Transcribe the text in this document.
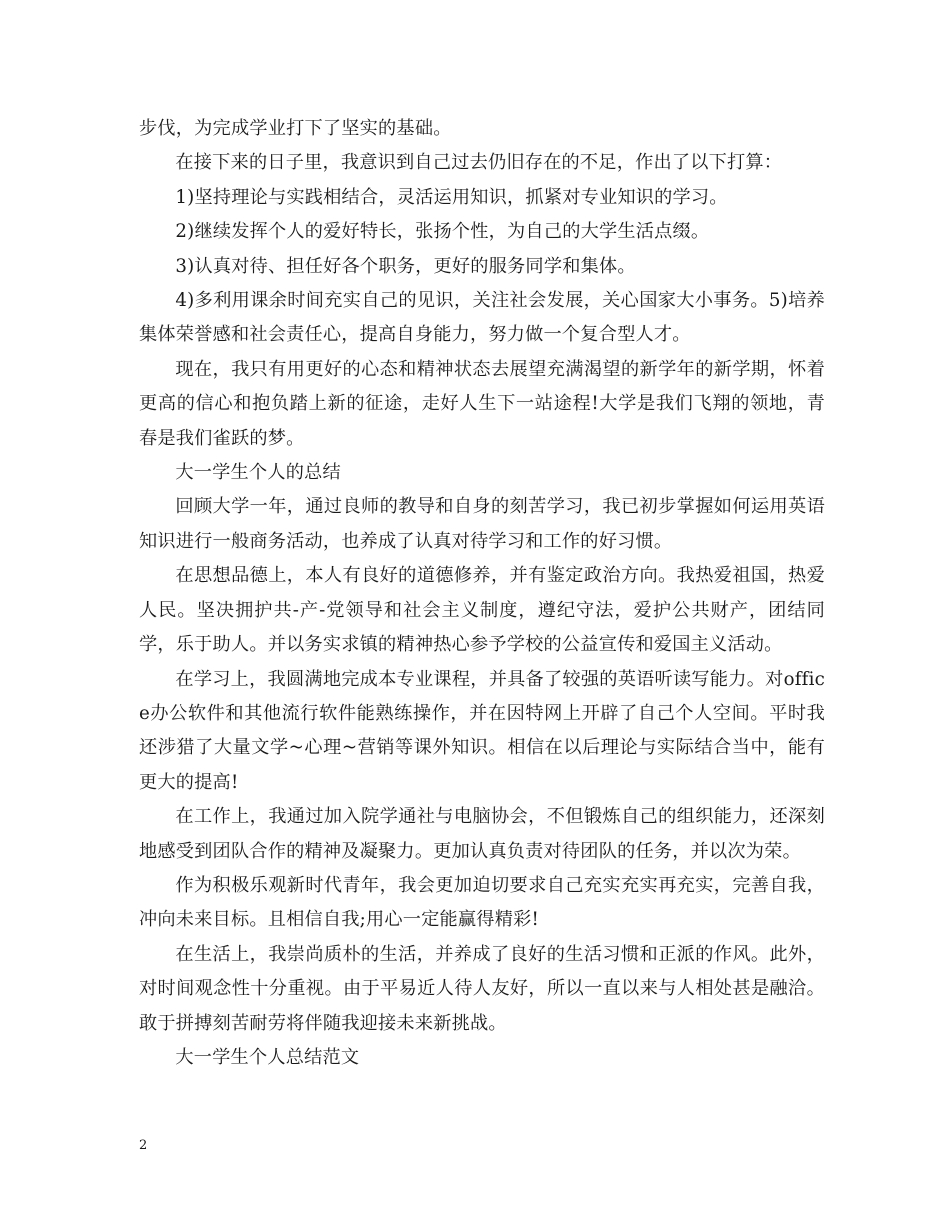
步伐，为完成学业打下了坚实的基础。

在接下来的日子里，我意识到自己过去仍旧存在的不足，作出了以下打算：

1)坚持理论与实践相结合，灵活运用知识，抓紧对专业知识的学习。

2)继续发挥个人的爱好特长，张扬个性，为自己的大学生活点缀。

3)认真对待、担任好各个职务，更好的服务同学和集体。

4)多利用课余时间充实自己的见识，关注社会发展，关心国家大小事务。5)培养集体荣誉感和社会责任心，提高自身能力，努力做一个复合型人才。

现在，我只有用更好的心态和精神状态去展望充满渴望的新学年的新学期，怀着更高的信心和抱负踏上新的征途，走好人生下一站途程!大学是我们飞翔的领地，青春是我们雀跃的梦。

大一学生个人的总结

回顾大学一年，通过良师的教导和自身的刻苦学习，我已初步掌握如何运用英语知识进行一般商务活动，也养成了认真对待学习和工作的好习惯。

在思想品德上，本人有良好的道德修养，并有鉴定政治方向。我热爱祖国，热爱人民。坚决拥护共-产-党领导和社会主义制度，遵纪守法，爱护公共财产，团结同学，乐于助人。并以务实求镇的精神热心参予学校的公益宣传和爱国主义活动。

在学习上，我圆满地完成本专业课程，并具备了较强的英语听读写能力。对office办公软件和其他流行软件能熟练操作，并在因特网上开辟了自己个人空间。平时我还涉猎了大量文学~心理~营销等课外知识。相信在以后理论与实际结合当中，能有更大的提高!

在工作上，我通过加入院学通社与电脑协会，不但锻炼自己的组织能力，还深刻地感受到团队合作的精神及凝聚力。更加认真负责对待团队的任务，并以次为荣。

作为积极乐观新时代青年，我会更加迫切要求自己充实充实再充实，完善自我，冲向未来目标。且相信自我;用心一定能赢得精彩!

在生活上，我崇尚质朴的生活，并养成了良好的生活习惯和正派的作风。此外，对时间观念性十分重视。由于平易近人待人友好，所以一直以来与人相处甚是融洽。敢于拼搏刻苦耐劳将伴随我迎接未来新挑战。

大一学生个人总结范文

2
